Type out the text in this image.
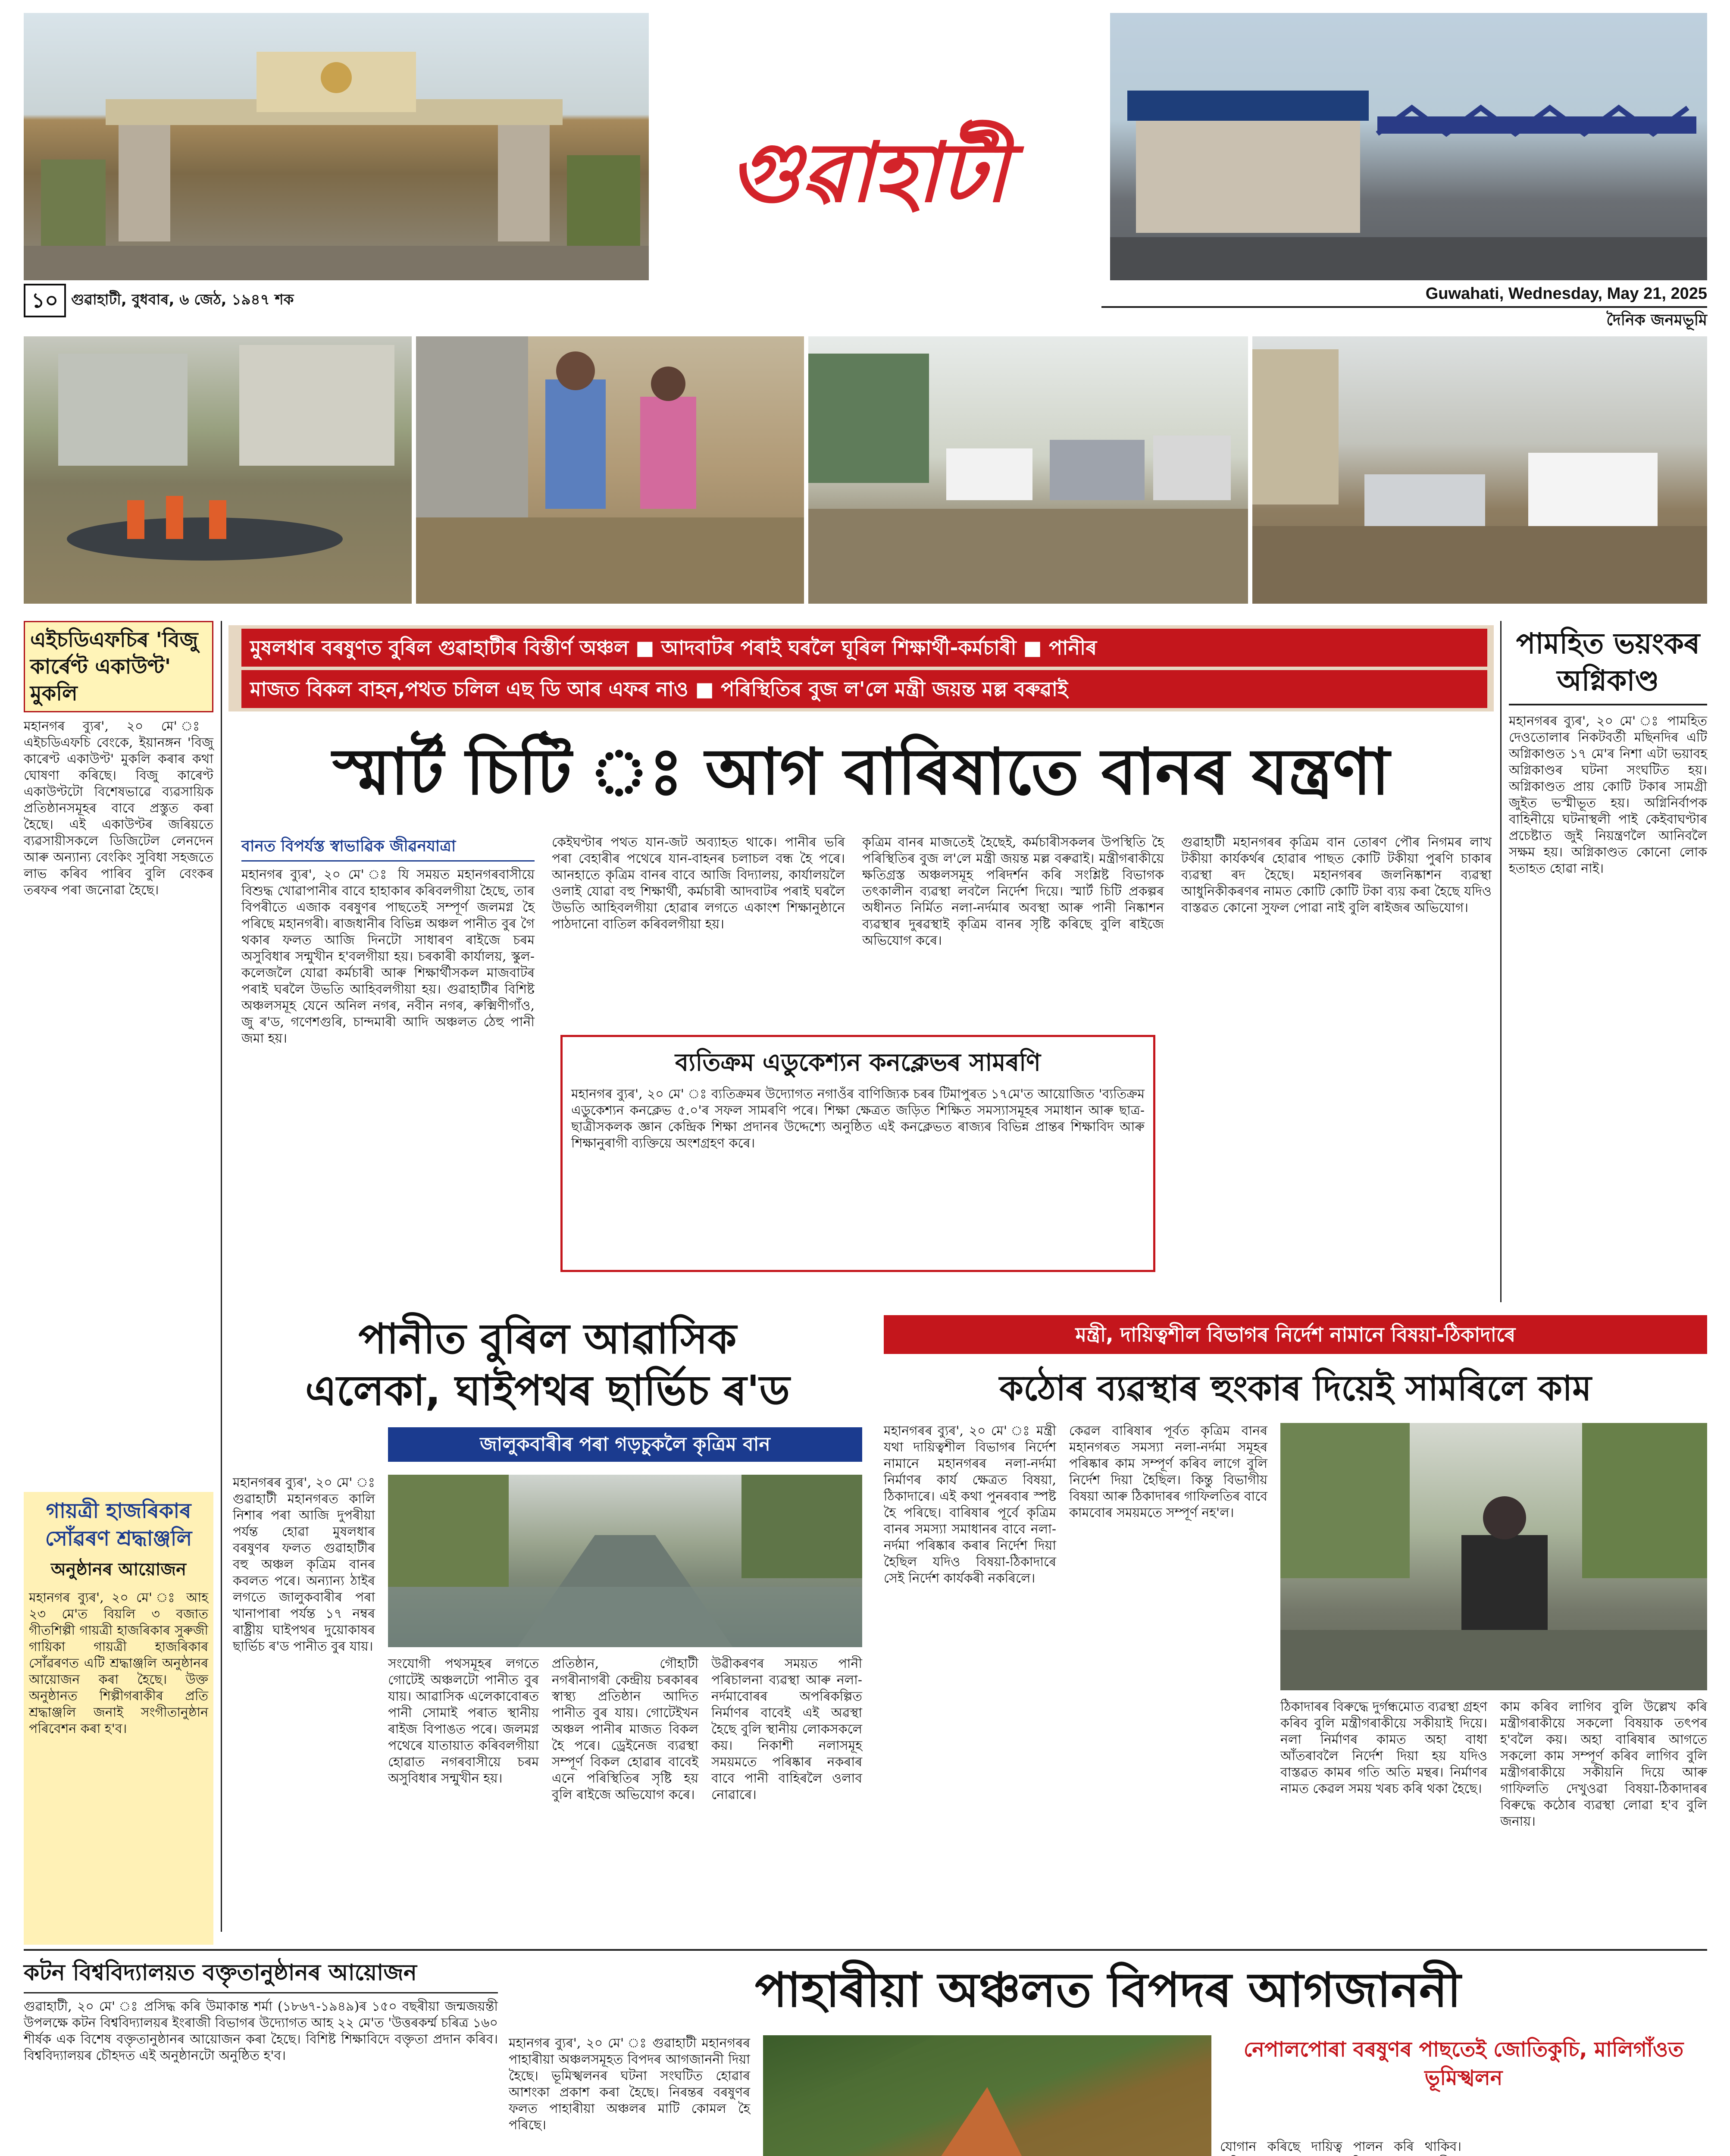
গুৱাহাটী
১০ গুৱাহাটী, বুধবাৰ, ৬ জেঠ, ১৯৪৭ শক	Guwahati, Wednesday, May 21, 2025
দৈনিক জনমভূমি
এইচডিএফচিৰ 'বিজু কাৰ্ৰেণ্ট একাউণ্ট' মুকলি

মহানগৰ ব্যুৰ', ২০ মে' ঃ এইচডিএফচি বেংকে, ইয়ানঙ্গন 'বিজু কাৰেণ্ট একাউণ্ট' মুকলি কৰাৰ কথা ঘোষণা কৰিছে। বিজু কাৰেণ্ট একাউণ্টটো বিশেষভাৱে ব্যৱসায়িক প্ৰতিষ্ঠানসমূহৰ বাবে প্ৰস্তুত কৰা হৈছে। এই একাউণ্টৰ জৰিয়তে ব্যৱসায়ীসকলে ডিজিটেল লেনদেন আৰু অন্যান্য বেংকিং সুবিধা সহজতে লাভ কৰিব পাৰিব বুলি বেংকৰ তৰফৰ পৰা জনোৱা হৈছে।

মুষলধাৰ বৰষুণত বুৰিল গুৱাহাটীৰ বিস্তীৰ্ণ অঞ্চল ■ আদবাটৰ পৰাই ঘৰলৈ ঘূৰিল শিক্ষাৰ্থী-কৰ্মচাৰী ■ পানীৰ
মাজত বিকল বাহন,পথত চলিল এছ ডি আৰ এফৰ নাও ■ পৰিস্থিতিৰ বুজ ল'লে মন্ত্ৰী জয়ন্ত মল্ল বৰুৱাই
পামহিত ভয়ংকৰ অগ্নিকাণ্ড

মহানগৰৰ ব্যুৰ', ২০ মে' ঃ পামহিত দেওতোলাৰ নিকটবৰ্তী মছিনদিৰ এটি অগ্নিকাণ্ডত ১৭ মে'ৰ নিশা এটা ভয়াবহ অগ্নিকাণ্ডৰ ঘটনা সংঘটিত হয়। অগ্নিকাণ্ডত প্ৰায় কোটি টকাৰ সামগ্ৰী জুইত ভস্মীভূত হয়। অগ্নিনিৰ্বাপক বাহিনীয়ে ঘটনাস্থলী পাই কেইবাঘণ্টাৰ প্ৰচেষ্টাত জুই নিয়ন্ত্ৰণলৈ আনিবলৈ সক্ষম হয়। অগ্নিকাণ্ডত কোনো লোক হতাহত হোৱা নাই।

স্মাৰ্ট চিটি ঃ আগ বাৰিষাতে বানৰ যন্ত্ৰণা
বানত বিপৰ্যস্ত স্বাভাৱিক জীৱনযাত্ৰা

মহানগৰ ব্যুৰ', ২০ মে' ঃ যি সময়ত মহানগৰবাসীয়ে বিশুদ্ধ খোৱাপানীৰ বাবে হাহাকাৰ কৰিবলগীয়া হৈছে, তাৰ বিপৰীতে এজাক বৰষুণৰ পাছতেই সম্পূৰ্ণ জলমগ্ন হৈ পৰিছে মহানগৰী। ৰাজধানীৰ বিভিন্ন অঞ্চল পানীত বুৰ গৈ থকাৰ ফলত আজি দিনটো সাধাৰণ ৰাইজে চৰম অসুবিধাৰ সন্মুখীন হ'বলগীয়া হয়। চৰকাৰী কাৰ্যালয়, স্কুল-কলেজলৈ যোৱা কৰ্মচাৰী আৰু শিক্ষাৰ্থীসকল মাজবাটৰ পৰাই ঘৰলৈ উভতি আহিবলগীয়া হয়। গুৱাহাটীৰ বিশিষ্ট অঞ্চলসমূহ যেনে অনিল নগৰ, নবীন নগৰ, ৰুক্মিণীগাঁও, জু ৰ'ড, গণেশগুৰি, চান্দমাৰী আদি অঞ্চলত ঠেহু পানী জমা হয়।

কেইঘণ্টাৰ পথত যান-জট অব্যাহত থাকে। পানীৰ ভৰি পৰা বেহাৰীৰ পথেৰে যান-বাহনৰ চলাচল বন্ধ হৈ পৰে। আনহাতে কৃত্ৰিম বানৰ বাবে আজি বিদ্যালয়, কাৰ্যালয়লৈ ওলাই যোৱা বহু শিক্ষাৰ্থী, কৰ্মচাৰী আদবাটৰ পৰাই ঘৰলৈ উভতি আহিবলগীয়া হোৱাৰ লগতে একাংশ শিক্ষানুষ্ঠানে পাঠদানো বাতিল কৰিবলগীয়া হয়।

কৃত্ৰিম বানৰ মাজতেই হৈছেই, কৰ্মচাৰীসকলৰ উপস্থিতি হৈ পৰিস্থিতিৰ বুজ ল'লে মন্ত্ৰী জয়ন্ত মল্ল বৰুৱাই। মন্ত্ৰীগৰাকীয়ে ক্ষতিগ্ৰস্ত অঞ্চলসমূহ পৰিদৰ্শন কৰি সংশ্লিষ্ট বিভাগক তৎকালীন ব্যৱস্থা লবলৈ নিৰ্দেশ দিয়ে। স্মাৰ্ট চিটি প্ৰকল্পৰ অধীনত নিৰ্মিত নলা-নৰ্দমাৰ অবস্থা আৰু পানী নিষ্কাশন ব্যৱস্থাৰ দুৰৱস্থাই কৃত্ৰিম বানৰ সৃষ্টি কৰিছে বুলি ৰাইজে অভিযোগ কৰে।

গুৱাহাটী মহানগৰৰ কৃত্ৰিম বান তোৰণ পৌৰ নিগমৰ লাখ টকীয়া কাৰ্যকৰ্থৰ হোৱাৰ পাছত কোটি টকীয়া পুৰণি চাকাৰ ব্যৱস্থা ৰদ হৈছে। মহানগৰৰ জলনিষ্কাশন ব্যৱস্থা আধুনিকীকৰণৰ নামত কোটি কোটি টকা ব্যয় কৰা হৈছে যদিও বাস্তৱত কোনো সুফল পোৱা নাই বুলি ৰাইজৰ অভিযোগ।

ব্যতিক্ৰম এডুকেশ্যন কনক্লেভৰ সামৰণি

মহানগৰ ব্যুৰ', ২০ মে' ঃ ব্যতিক্ৰমৰ উদ্যোগত নগাওঁৰ বাণিজ্যিক চৰৰ টিমাপুৰত ১৭মে'ত আয়োজিত 'ব্যতিক্ৰম এডুকেশ্যন কনক্লেভ ৫.০'ৰ সফল সামৰণি পৰে। শিক্ষা ক্ষেত্ৰত জড়িত শিক্ষিত সমস্যাসমূহৰ সমাধান আৰু ছাত্ৰ-ছাত্ৰীসকলক জ্ঞান কেন্দ্ৰিক শিক্ষা প্ৰদানৰ উদ্দেশ্যে অনুষ্ঠিত এই কনক্লেভত ৰাজ্যৰ বিভিন্ন প্ৰান্তৰ শিক্ষাবিদ আৰু শিক্ষানুৰাগী ব্যক্তিয়ে অংশগ্ৰহণ কৰে।

গায়ত্ৰী হাজৰিকাৰ সোঁৱৰণ শ্ৰদ্ধাঞ্জলি
অনুষ্ঠানৰ আয়োজন

মহানগৰ ব্যুৰ', ২০ মে' ঃ আহ ২৩ মে'ত বিয়লি ৩ বজাত গীতশিল্পী গায়ত্ৰী হাজৰিকাৰ সুৰুজী গায়িকা গায়ত্ৰী হাজৰিকাৰ সোঁৱৰণত এটি শ্ৰদ্ধাঞ্জলি অনুষ্ঠানৰ আয়োজন কৰা হৈছে। উক্ত অনুষ্ঠানত শিল্পীগৰাকীৰ প্ৰতি শ্ৰদ্ধাঞ্জলি জনাই সংগীতানুষ্ঠান পৰিবেশন কৰা হ'ব।

পানীত বুৰিল আৱাসিক
এলেকা, ঘাইপথৰ ছাৰ্ভিচ ৰ'ড
জালুকবাৰীৰ পৰা গড়চুকলৈ কৃত্ৰিম বান

মহানগৰৰ ব্যুৰ', ২০ মে' ঃ গুৱাহাটী মহানগৰত কালি নিশাৰ পৰা আজি দুপৰীয়া পৰ্যন্ত হোৱা মুষলধাৰ বৰষুণৰ ফলত গুৱাহাটীৰ বহু অঞ্চল কৃত্ৰিম বানৰ কবলত পৰে। অন্যান্য ঠাইৰ লগতে জালুকবাৰীৰ পৰা খানাপাৰা পৰ্যন্ত ১৭ নম্বৰ ৰাষ্ট্ৰীয় ঘাইপথৰ দুয়োকাষৰ ছাৰ্ভিচ ৰ'ড পানীত বুৰ যায়।

সংযোগী পথসমূহৰ লগতে গোটেই অঞ্চলটো পানীত বুৰ যায়। আৱাসিক এলেকাবোৰত পানী সোমাই পৰাত স্থানীয় ৰাইজ বিপাঙত পৰে। জলমগ্ন পথেৰে যাতায়াত কৰিবলগীয়া হোৱাত নগৰবাসীয়ে চৰম অসুবিধাৰ সন্মুখীন হয়।

প্ৰতিষ্ঠান, গৌহাটী নগৰীনাগৰী কেন্দ্ৰীয় চৰকাৰৰ স্বাস্থ্য প্ৰতিষ্ঠান আদিত পানীত বুৰ যায়। গোটেইখন অঞ্চল পানীৰ মাজত বিকল হৈ পৰে। ড্ৰেইনেজ ব্যৱস্থা সম্পূৰ্ণ বিকল হোৱাৰ বাবেই এনে পৰিস্থিতিৰ সৃষ্টি হয় বুলি ৰাইজে অভিযোগ কৰে।

উৱীকৰণৰ সময়ত পানী পৰিচালনা ব্যৱস্থা আৰু নলা-নৰ্দমাবোৰৰ অপৰিকল্পিত নিৰ্মাণৰ বাবেই এই অৱস্থা হৈছে বুলি স্থানীয় লোকসকলে কয়। নিকাশী নলাসমূহ সময়মতে পৰিষ্কাৰ নকৰাৰ বাবে পানী বাহিৰলৈ ওলাব নোৱাৰে।

মন্ত্ৰী, দায়িত্বশীল বিভাগৰ নিৰ্দেশ নামানে বিষয়া-ঠিকাদাৰে
কঠোৰ ব্যৱস্থাৰ হুংকাৰ দিয়েই সামৰিলে কাম

মহানগৰৰ ব্যুৰ', ২০ মে' ঃ মন্ত্ৰী যথা দায়িত্বশীল বিভাগৰ নিৰ্দেশ নামানে মহানগৰৰ নলা-নৰ্দমা নিৰ্মাণৰ কাৰ্য ক্ষেত্ৰত বিষয়া, ঠিকাদাৰে। এই কথা পুনৰবাৰ স্পষ্ট হৈ পৰিছে। বাৰিষাৰ পূৰ্বে কৃত্ৰিম বানৰ সমস্যা সমাধানৰ বাবে নলা-নৰ্দমা পৰিষ্কাৰ কৰাৰ নিৰ্দেশ দিয়া হৈছিল যদিও বিষয়া-ঠিকাদাৰে সেই নিৰ্দেশ কাৰ্যকৰী নকৰিলে।

কেৱল বাৰিষাৰ পূৰ্বত কৃত্ৰিম বানৰ মহানগৰত সমস্যা নলা-নৰ্দমা সমূহৰ পৰিষ্কাৰ কাম সম্পূৰ্ণ কৰিব লাগে বুলি নিৰ্দেশ দিয়া হৈছিল। কিন্তু বিভাগীয় বিষয়া আৰু ঠিকাদাৰৰ গাফিলতিৰ বাবে কামবোৰ সময়মতে সম্পূৰ্ণ নহ'ল।

ঠিকাদাৰৰ বিৰুদ্ধে দুৰ্গন্ধমোত ব্যৱস্থা গ্ৰহণ কৰিব বুলি মন্ত্ৰীগৰাকীয়ে সকীয়াই দিয়ে। নলা নিৰ্মাণৰ কামত অহা বাধা আঁতৰাবলৈ নিৰ্দেশ দিয়া হয় যদিও বাস্তৱত কামৰ গতি অতি মন্থৰ। নিৰ্মাণৰ নামত কেৱল সময় খৰচ কৰি থকা হৈছে।

কাম কৰিব লাগিব বুলি উল্লেখ কৰি মন্ত্ৰীগৰাকীয়ে সকলো বিষয়াক তৎপৰ হ'বলৈ কয়। অহা বাৰিষাৰ আগতে সকলো কাম সম্পূৰ্ণ কৰিব লাগিব বুলি মন্ত্ৰীগৰাকীয়ে সকীয়নি দিয়ে আৰু গাফিলতি দেখুওৱা বিষয়া-ঠিকাদাৰৰ বিৰুদ্ধে কঠোৰ ব্যৱস্থা লোৱা হ'ব বুলি জনায়।

কটন বিশ্ববিদ্যালয়ত বক্তৃতানুষ্ঠানৰ আয়োজন

গুৱাহাটী, ২০ মে' ঃ প্ৰসিদ্ধ কৰি উমাকান্ত শৰ্মা (১৮৬৭-১৯৪৯)ৰ ১৫০ বছৰীয়া জন্মজয়ন্তী উপলক্ষে কটন বিশ্ববিদ্যালয়ৰ ইংৰাজী বিভাগৰ উদ্যোগত আহ ২২ মে'ত 'উত্তৰকৰ্ম্ম চৰিত্ৰ ১৬০ শীৰ্ষক এক বিশেষ বক্তৃতানুষ্ঠানৰ আয়োজন কৰা হৈছে। বিশিষ্ট শিক্ষাবিদে বক্তৃতা প্ৰদান কৰিব। বিশ্ববিদ্যালয়ৰ চৌহদত এই অনুষ্ঠানটো অনুষ্ঠিত হ'ব।

পাহাৰীয়া অঞ্চলত বিপদৰ আগজাননী

মহানগৰ ব্যুৰ', ২০ মে' ঃ গুৱাহাটী মহানগৰৰ পাহাৰীয়া অঞ্চলসমূহত বিপদৰ আগজাননী দিয়া হৈছে। ভূমিস্খলনৰ ঘটনা সংঘটিত হোৱাৰ আশংকা প্ৰকাশ কৰা হৈছে। নিৰন্তৰ বৰষুণৰ ফলত পাহাৰীয়া অঞ্চলৰ মাটি কোমল হৈ পৰিছে।

নেপালপোৰা বৰষুণৰ পাছতেই জোতিকুচি, মালিগাঁওত ভূমিস্খলন

যোগান কৰিছে দায়িত্ব পালন কৰি থাকিব।
